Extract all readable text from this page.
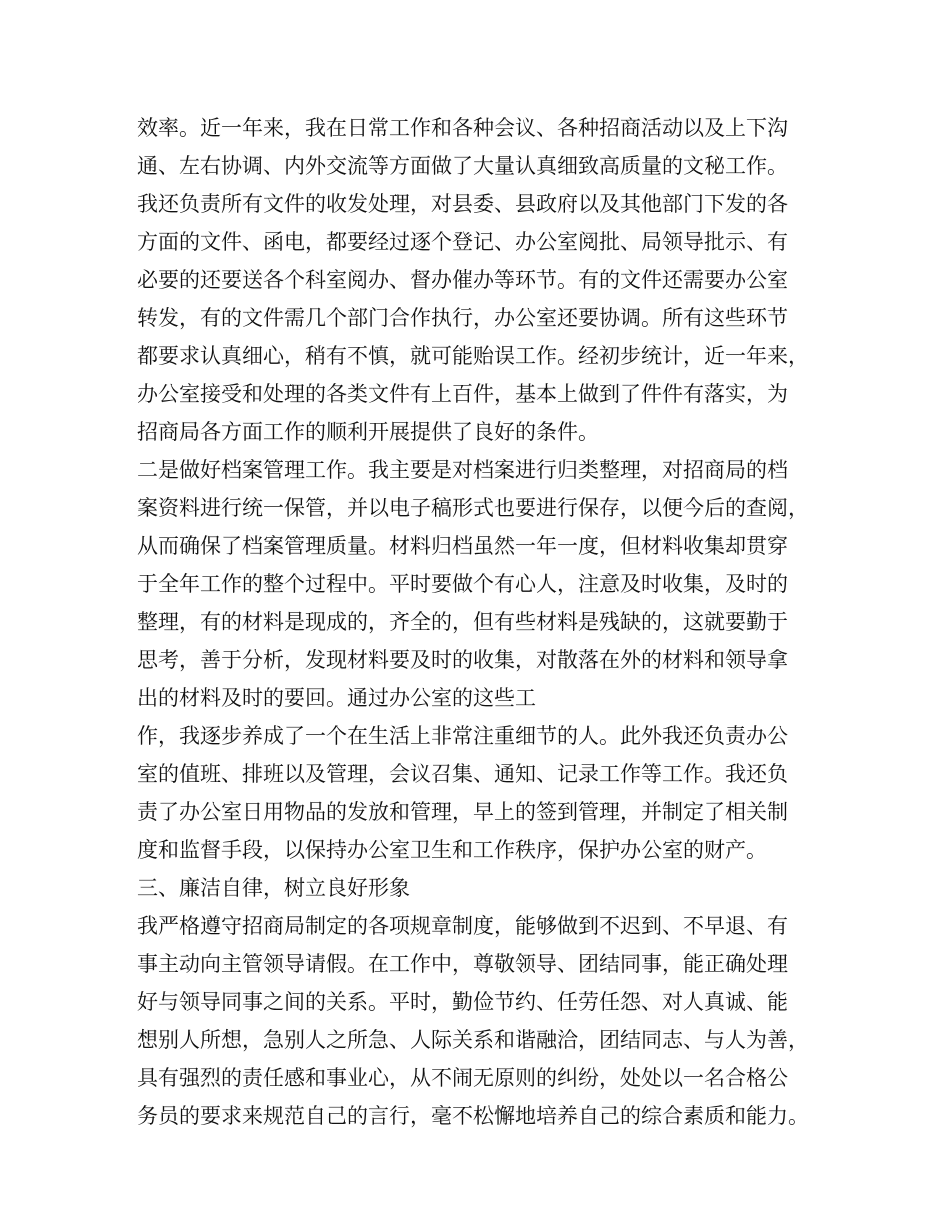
效率。近一年来，我在日常工作和各种会议、各种招商活动以及上下沟
通、左右协调、内外交流等方面做了大量认真细致高质量的文秘工作。
我还负责所有文件的收发处理，对县委、县政府以及其他部门下发的各
方面的文件、函电，都要经过逐个登记、办公室阅批、局领导批示、有
必要的还要送各个科室阅办、督办催办等环节。有的文件还需要办公室
转发，有的文件需几个部门合作执行，办公室还要协调。所有这些环节
都要求认真细心，稍有不慎，就可能贻误工作。经初步统计，近一年来，
办公室接受和处理的各类文件有上百件，基本上做到了件件有落实，为
招商局各方面工作的顺利开展提供了良好的条件。
二是做好档案管理工作。我主要是对档案进行归类整理，对招商局的档
案资料进行统一保管，并以电子稿形式也要进行保存，以便今后的查阅，
从而确保了档案管理质量。材料归档虽然一年一度，但材料收集却贯穿
于全年工作的整个过程中。平时要做个有心人，注意及时收集，及时的
整理，有的材料是现成的，齐全的，但有些材料是残缺的，这就要勤于
思考，善于分析，发现材料要及时的收集，对散落在外的材料和领导拿
出的材料及时的要回。通过办公室的这些工
作，我逐步养成了一个在生活上非常注重细节的人。此外我还负责办公
室的值班、排班以及管理，会议召集、通知、记录工作等工作。我还负
责了办公室日用物品的发放和管理，早上的签到管理，并制定了相关制
度和监督手段，以保持办公室卫生和工作秩序，保护办公室的财产。
三、廉洁自律，树立良好形象
我严格遵守招商局制定的各项规章制度，能够做到不迟到、不早退、有
事主动向主管领导请假。在工作中，尊敬领导、团结同事，能正确处理
好与领导同事之间的关系。平时，勤俭节约、任劳任怨、对人真诚、能
想别人所想，急别人之所急、人际关系和谐融洽，团结同志、与人为善，
具有强烈的责任感和事业心，从不闹无原则的纠纷，处处以一名合格公
务员的要求来规范自己的言行，毫不松懈地培养自己的综合素质和能力。
